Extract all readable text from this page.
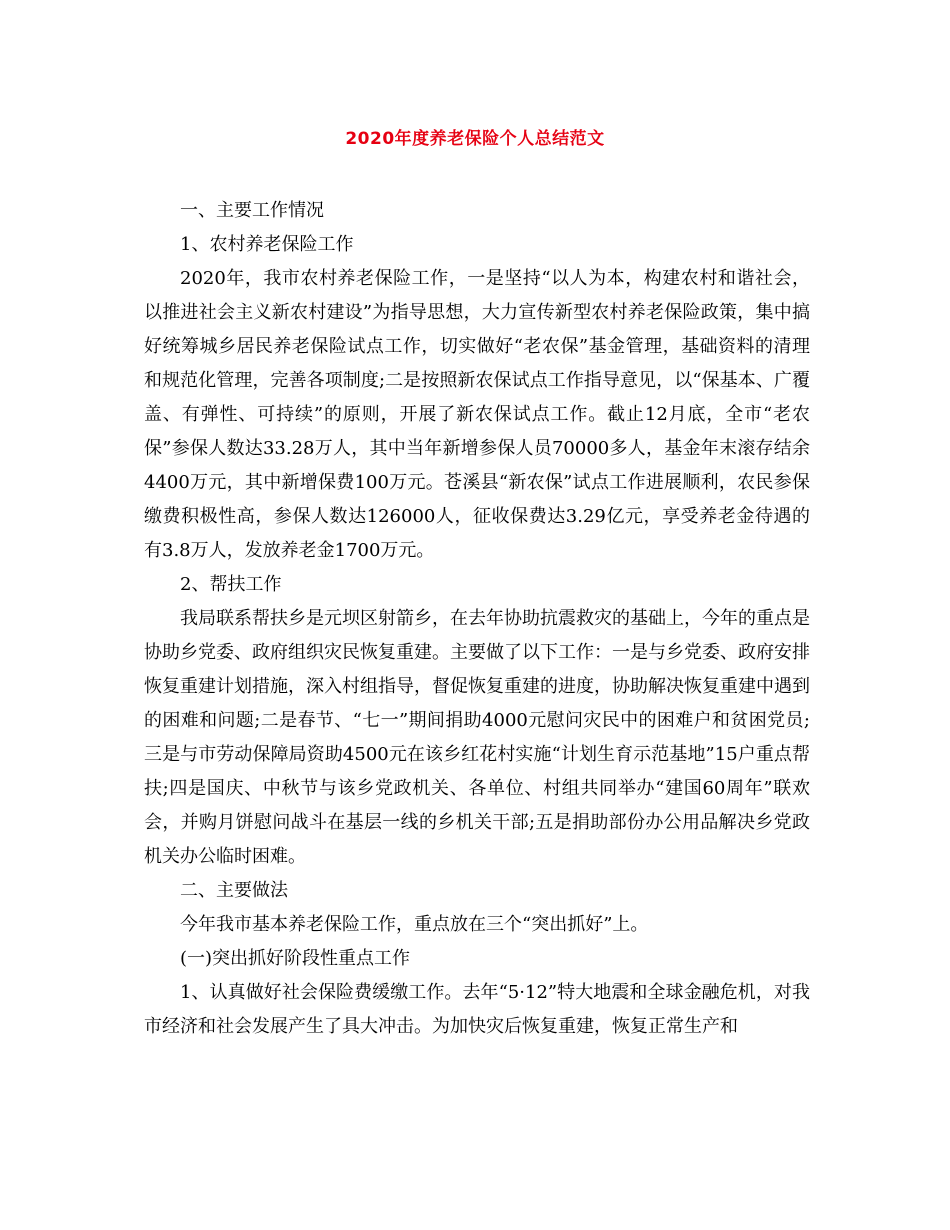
2020年度养老保险个人总结范文

一、主要工作情况

1、农村养老保险工作

2020年，我市农村养老保险工作，一是坚持“以人为本，构建农村和谐社会，以推进社会主义新农村建设”为指导思想，大力宣传新型农村养老保险政策，集中搞好统筹城乡居民养老保险试点工作，切实做好“老农保”基金管理，基础资料的清理和规范化管理，完善各项制度;二是按照新农保试点工作指导意见，以“保基本、广覆盖、有弹性、可持续”的原则，开展了新农保试点工作。截止12月底，全市“老农保”参保人数达33.28万人，其中当年新增参保人员70000多人，基金年末滚存结余4400万元，其中新增保费100万元。苍溪县“新农保”试点工作进展顺利，农民参保缴费积极性高，参保人数达126000人，征收保费达3.29亿元，享受养老金待遇的有3.8万人，发放养老金1700万元。

2、帮扶工作

我局联系帮扶乡是元坝区射箭乡，在去年协助抗震救灾的基础上，今年的重点是协助乡党委、政府组织灾民恢复重建。主要做了以下工作：一是与乡党委、政府安排恢复重建计划措施，深入村组指导，督促恢复重建的进度，协助解决恢复重建中遇到的困难和问题;二是春节、“七一”期间捐助4000元慰问灾民中的困难户和贫困党员;三是与市劳动保障局资助4500元在该乡红花村实施“计划生育示范基地”15户重点帮扶;四是国庆、中秋节与该乡党政机关、各单位、村组共同举办“建国60周年”联欢会，并购月饼慰问战斗在基层一线的乡机关干部;五是捐助部份办公用品解决乡党政机关办公临时困难。

二、主要做法

今年我市基本养老保险工作，重点放在三个“突出抓好”上。

(一)突出抓好阶段性重点工作

1、认真做好社会保险费缓缴工作。去年“5·12”特大地震和全球金融危机，对我市经济和社会发展产生了具大冲击。为加快灾后恢复重建，恢复正常生产和
